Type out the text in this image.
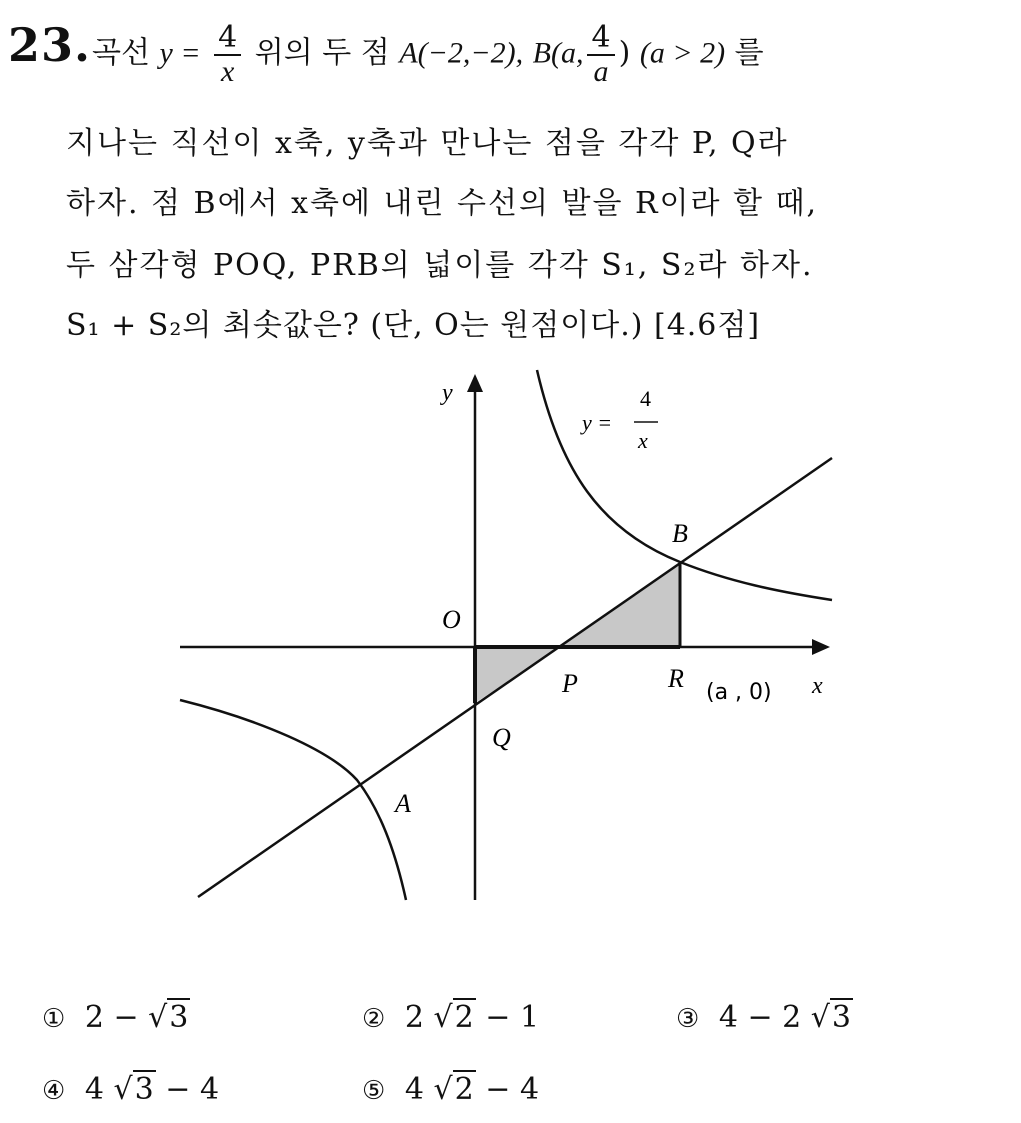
23. 곡선 $y = \frac{4}{x}$ 위의 두 점 A(−2,−2), B(a, $\frac{4}{a}$ ) (a > 2) 를
지나는 직선이 x축, y축과 만나는 점을 각각 P, Q라
하자. 점 B에서 x축에 내린 수선의 발을 R이라 할 때,
두 삼각형 POQ, PRB의 넓이를 각각 S₁, S₂라 하자.
S₁ + S₂의 최솟값은? (단, O는 원점이다.) [4.6점]
y
x
y =
4
x
O
B
P	R (a , 0)
Q
A
① 2 − √3	② 2 √2 − 1	③ 4 − 2 √3
④ 4 √3 − 4	⑤ 4 √2 − 4
